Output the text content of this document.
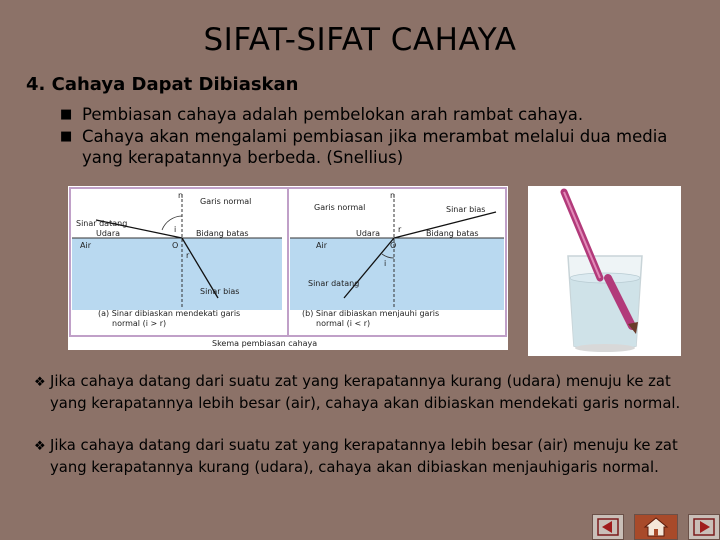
SIFAT-SIFAT CAHAYA
4. Cahaya Dapat Dibiaskan
■ Pembiasan cahaya adalah pembelokan arah rambat cahaya.
■ Cahaya akan mengalami pembiasan jika merambat melalui dua media yang kerapatannya berbeda. (Snellius)
n
Garis normal
Sinar datang
Udara
Air	O
i
r
Bidang batas
Sinar bias
(a) Sinar dibiaskan mendekati garis
normal (i > r)
n
Garis normal	Sinar bias
Udara
Air	O
r
i
Bidang batas
Sinar datang
(b) Sinar dibiaskan menjauhi garis
normal (i < r)
Skema pembiasan cahaya
❖ Jika cahaya datang dari suatu zat yang kerapatannya kurang (udara) menuju ke zat
yang kerapatannya lebih besar (air), cahaya akan dibiaskan mendekati garis normal.
❖ Jika cahaya datang dari suatu zat yang kerapatannya lebih besar (air) menuju ke zat
yang kerapatannya kurang (udara), cahaya akan dibiaskan menjauhigaris normal.
